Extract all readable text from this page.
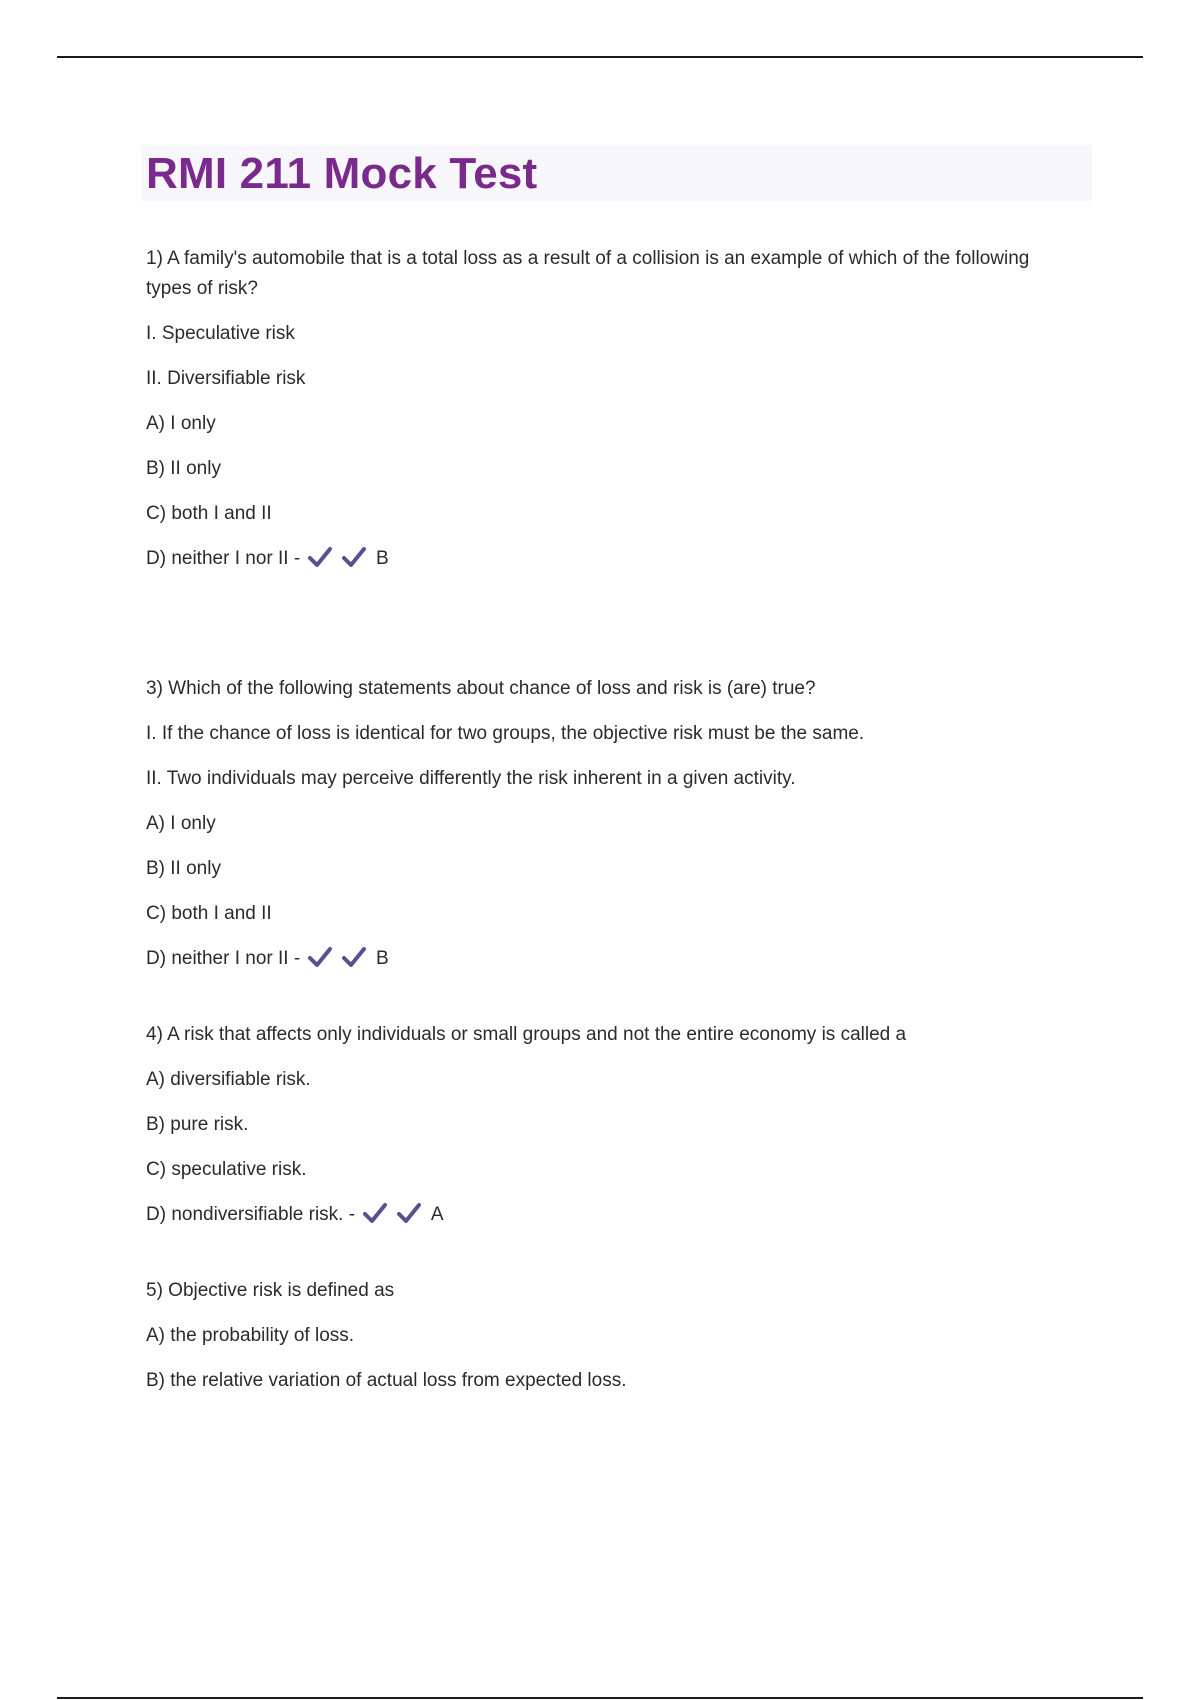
RMI 211 Mock Test

1) A family's automobile that is a total loss as a result of a collision is an example of which of the following types of risk?

I. Speculative risk

II. Diversifiable risk

A) I only

B) II only

C) both I and II

D) neither I nor II -
	B

3) Which of the following statements about chance of loss and risk is (are) true?

I. If the chance of loss is identical for two groups, the objective risk must be the same.

II. Two individuals may perceive differently the risk inherent in a given activity.

A) I only

B) II only

C) both I and II

D) neither I nor II -
	B

4) A risk that affects only individuals or small groups and not the entire economy is called a

A) diversifiable risk.

B) pure risk.

C) speculative risk.

D) nondiversifiable risk. -
	A

5) Objective risk is defined as

A) the probability of loss.

B) the relative variation of actual loss from expected loss.
